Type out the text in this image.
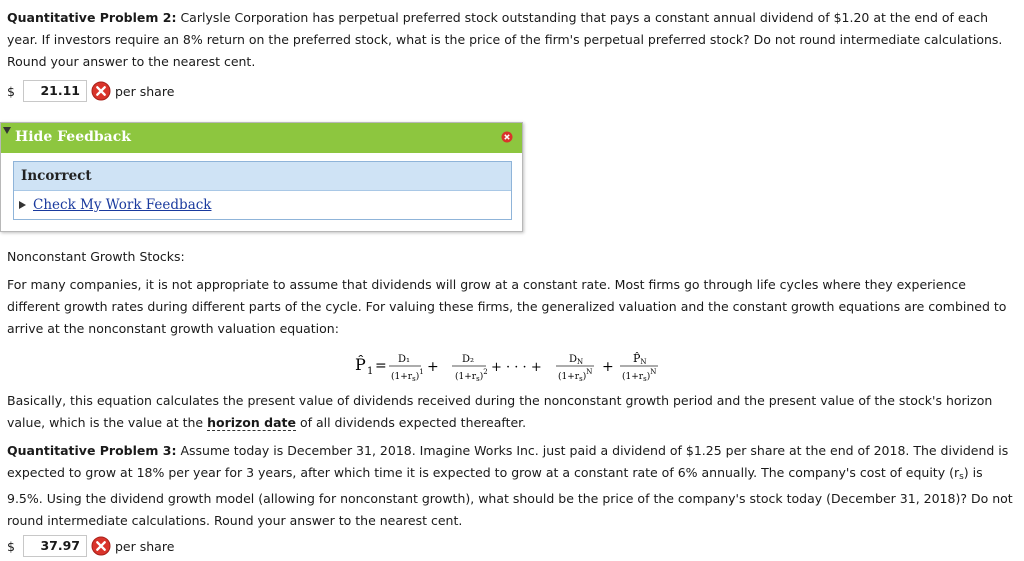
Quantitative Problem 2: Carlysle Corporation has perpetual preferred stock outstanding that pays a constant annual dividend of $1.20 at the end of each year. If investors require an 8% return on the preferred stock, what is the price of the firm's perpetual preferred stock? Do not round intermediate calculations. Round your answer to the nearest cent.

$	21.11	per share
Hide Feedback
Incorrect
Check My Work Feedback

Nonconstant Growth Stocks:

For many companies, it is not appropriate to assume that dividends will grow at a constant rate. Most firms go through life cycles where they experience different growth rates during different parts of the cycle. For valuing these firms, the generalized valuation and the constant growth equations are combined to arrive at the nonconstant growth valuation equation:

P̂ 1 = D₁
$(1+r_s)^1 + D_2$
$(1+r_s)^2$ + · · · +
$D_N$
$(1+r_s)^N$ +
P̂N
$(1+r_s)^N$

Basically, this equation calculates the present value of dividends received during the nonconstant growth period and the present value of the stock's horizon value, which is the value at the horizon date of all dividends expected thereafter.

Quantitative Problem 3: Assume today is December 31, 2018. Imagine Works Inc. just paid a dividend of $1.25 per share at the end of 2018. The dividend is expected to grow at 18% per year for 3 years, after which time it is expected to grow at a constant rate of 6% annually. The company's cost of equity (rs) is 9.5%. Using the dividend growth model (allowing for nonconstant growth), what should be the price of the company's stock today (December 31, 2018)? Do not round intermediate calculations. Round your answer to the nearest cent.

$	37.97	per share
